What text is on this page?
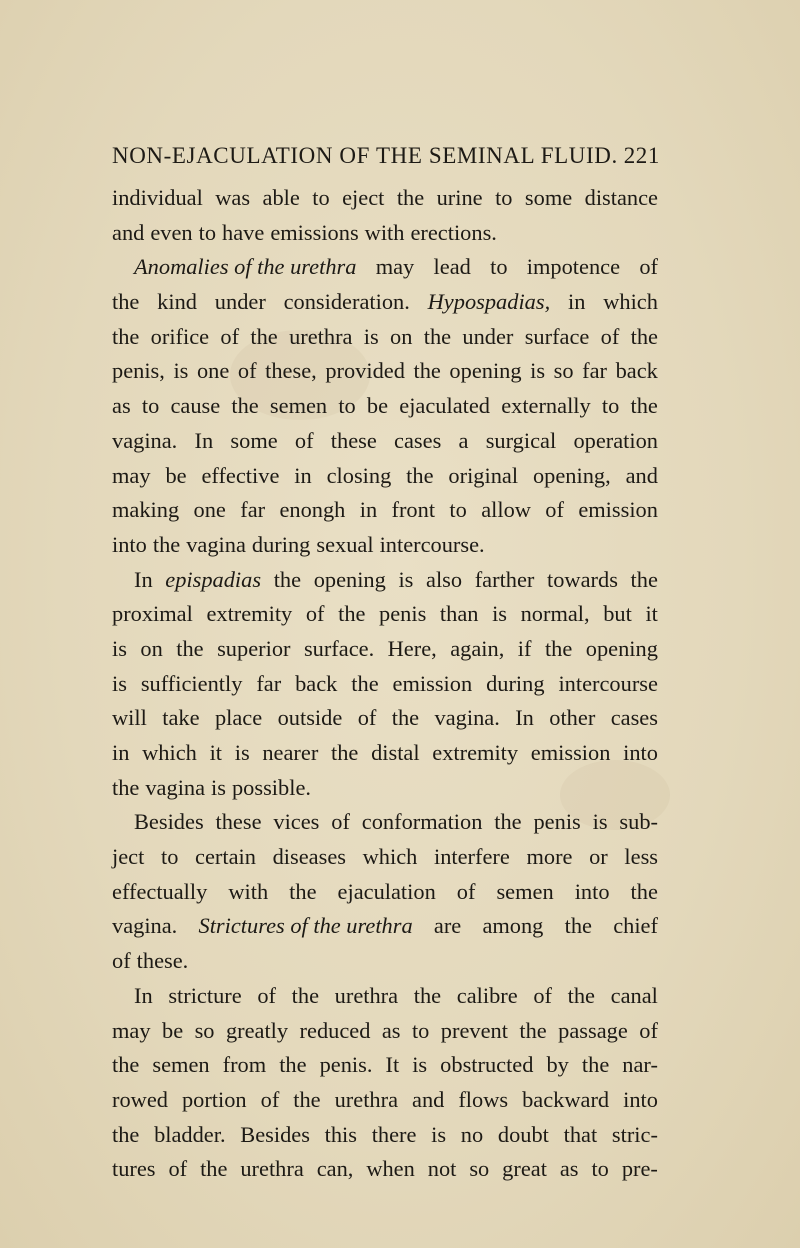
NON-EJACULATION OF THE SEMINAL FLUID. 221
individual was able to eject the urine to some distance
and even to have emissions with erections.
Anomalies of the urethra may lead to impotence of
the kind under consideration. Hypospadias, in which
the orifice of the urethra is on the under surface of the
penis, is one of these, provided the opening is so far back
as to cause the semen to be ejaculated externally to the
vagina. In some of these cases a surgical operation
may be effective in closing the original opening, and
making one far enongh in front to allow of emission
into the vagina during sexual intercourse.
In epispadias the opening is also farther towards the
proximal extremity of the penis than is normal, but it
is on the superior surface. Here, again, if the opening
is sufficiently far back the emission during intercourse
will take place outside of the vagina. In other cases
in which it is nearer the distal extremity emission into
the vagina is possible.
Besides these vices of conformation the penis is sub-
ject to certain diseases which interfere more or less
effectually with the ejaculation of semen into the
vagina. Strictures of the urethra are among the chief
of these.
In stricture of the urethra the calibre of the canal
may be so greatly reduced as to prevent the passage of
the semen from the penis. It is obstructed by the nar-
rowed portion of the urethra and flows backward into
the bladder. Besides this there is no doubt that stric-
tures of the urethra can, when not so great as to pre-
